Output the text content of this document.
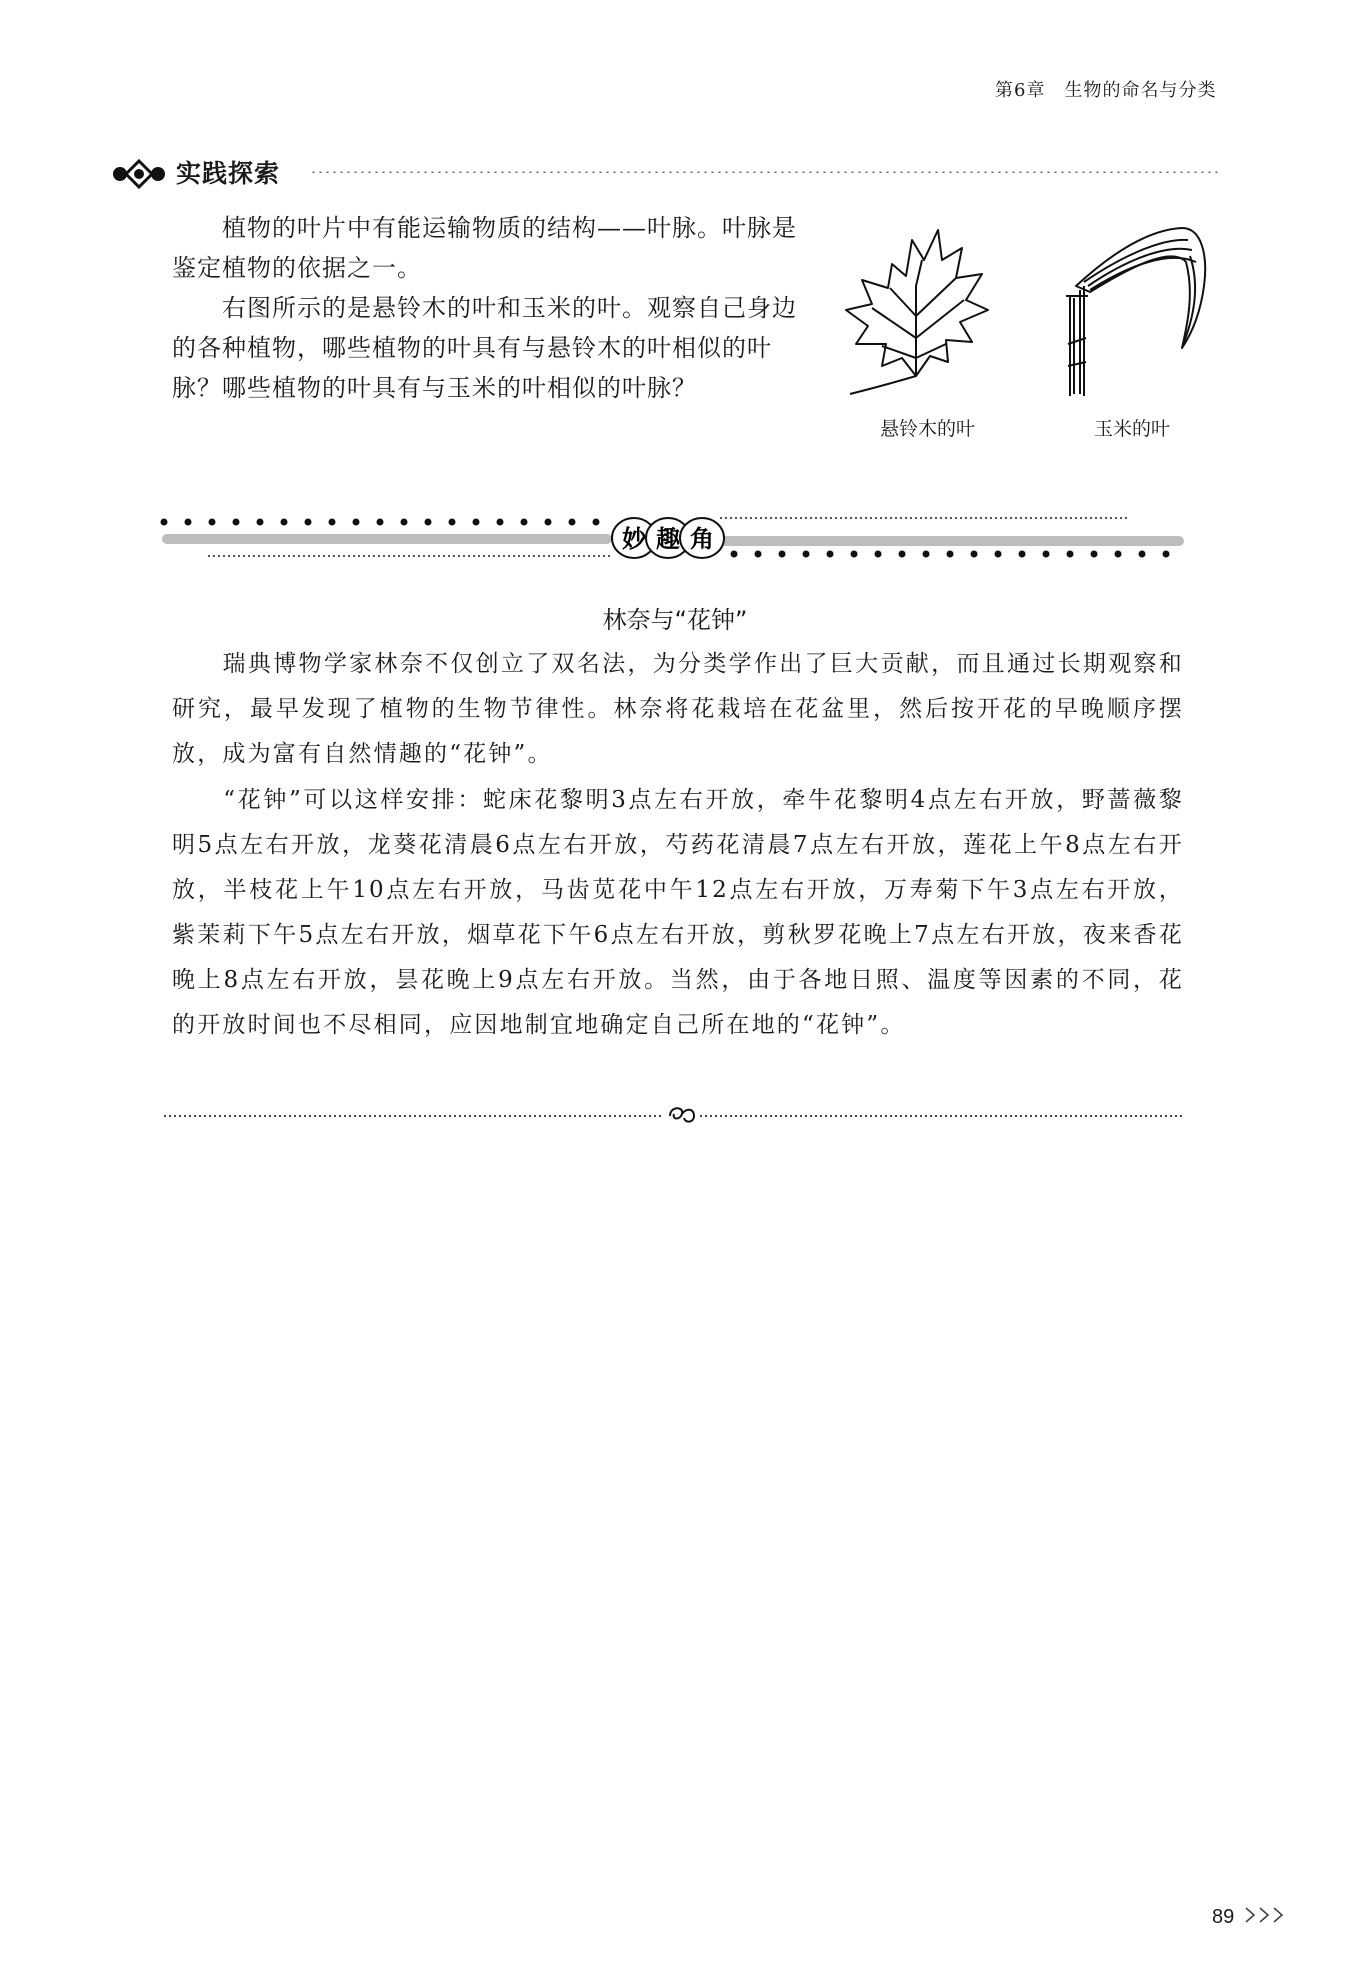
第6章　生物的命名与分类
实践探索
　　植物的叶片中有能运输物质的结构——叶脉。叶脉是鉴定植物的依据之一。
　　右图所示的是悬铃木的叶和玉米的叶。观察自己身边的各种植物，哪些植物的叶具有与悬铃木的叶相似的叶脉？哪些植物的叶具有与玉米的叶相似的叶脉？
悬铃木的叶	玉米的叶
妙 趣 角
林奈与“花钟”
　　瑞典博物学家林奈不仅创立了双名法，为分类学作出了巨大贡献，而且通过长期观察和研究，最早发现了植物的生物节律性。林奈将花栽培在花盆里，然后按开花的早晚顺序摆放，成为富有自然情趣的“花钟”。
　　“花钟”可以这样安排：蛇床花黎明3点左右开放，牵牛花黎明4点左右开放，野蔷薇黎明5点左右开放，龙葵花清晨6点左右开放，芍药花清晨7点左右开放，莲花上午8点左右开放，半枝花上午10点左右开放，马齿苋花中午12点左右开放，万寿菊下午3点左右开放，紫茉莉下午5点左右开放，烟草花下午6点左右开放，剪秋罗花晚上7点左右开放，夜来香花晚上8点左右开放，昙花晚上9点左右开放。当然，由于各地日照、温度等因素的不同，花的开放时间也不尽相同，应因地制宜地确定自己所在地的“花钟”。
89
